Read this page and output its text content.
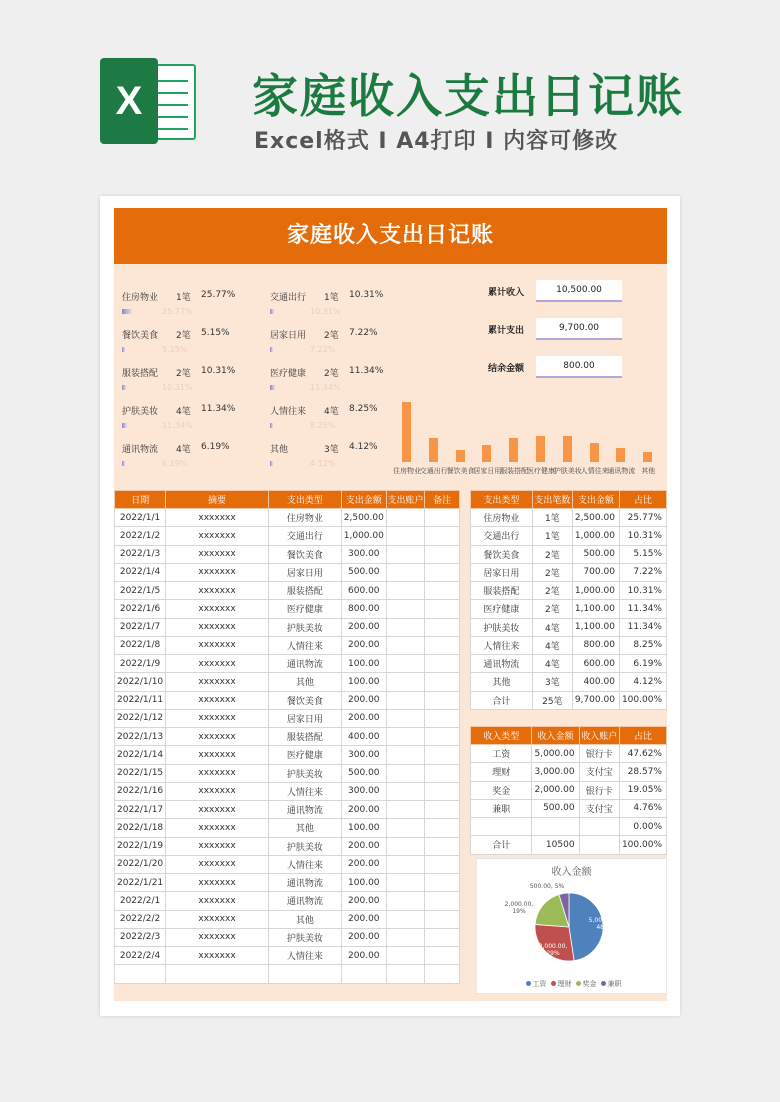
X	家庭收入支出日记账
Excel格式 I A4打印 I 内容可修改
家庭收入支出日记账
住房物业 1笔 25.77%
25.77%
交通出行 1笔 10.31%
10.31%
餐饮美食 2笔 5.15%
5.15%
居家日用 2笔 7.22%
7.22%
服装搭配 2笔 10.31%
10.31%
医疗健康 2笔 11.34%
11.34%
护肤美妆 4笔 11.34%
11.34%
人情往来 4笔 8.25%
8.25%
通讯物流 4笔 6.19%
6.19%
其他	3笔 4.12%
4.12%
累计收入	10,500.00
累计支出	9,700.00
结余金额	800.00
住房物业
交通出行
餐饮美食
居家日用
服装搭配
医疗健康
护肤美妆
人情往来
通讯物流 其他
日期	摘要	支出类型	支出金额	支出账户	备注
2022/1/1	xxxxxxx	住房物业	2,500.00		
2022/1/2	xxxxxxx	交通出行	1,000.00		
2022/1/3	xxxxxxx	餐饮美食	300.00		
2022/1/4	xxxxxxx	居家日用	500.00		
2022/1/5	xxxxxxx	服装搭配	600.00		
2022/1/6	xxxxxxx	医疗健康	800.00		
2022/1/7	xxxxxxx	护肤美妆	200.00		
2022/1/8	xxxxxxx	人情往来	200.00		
2022/1/9	xxxxxxx	通讯物流	100.00		
2022/1/10	xxxxxxx	其他	100.00		
2022/1/11	xxxxxxx	餐饮美食	200.00		
2022/1/12	xxxxxxx	居家日用	200.00		
2022/1/13	xxxxxxx	服装搭配	400.00		
2022/1/14	xxxxxxx	医疗健康	300.00		
2022/1/15	xxxxxxx	护肤美妆	500.00		
2022/1/16	xxxxxxx	人情往来	300.00		
2022/1/17	xxxxxxx	通讯物流	200.00		
2022/1/18	xxxxxxx	其他	100.00		
2022/1/19	xxxxxxx	护肤美妆	200.00		
2022/1/20	xxxxxxx	人情往来	200.00		
2022/1/21	xxxxxxx	通讯物流	100.00		
2022/2/1	xxxxxxx	通讯物流	200.00		
2022/2/2	xxxxxxx	其他	200.00		
2022/2/3	xxxxxxx	护肤美妆	200.00		
2022/2/4	xxxxxxx	人情往来	200.00		

支出类型	支出笔数	支出金额	占比
住房物业	1笔	2,500.00	25.77%
交通出行	1笔	1,000.00	10.31%
餐饮美食	2笔	500.00	5.15%
居家日用	2笔	700.00	7.22%
服装搭配	2笔	1,000.00	10.31%
医疗健康	2笔	1,100.00	11.34%
护肤美妆	4笔	1,100.00	11.34%
人情往来	4笔	800.00	8.25%
通讯物流	4笔	600.00	6.19%
其他	3笔	400.00	4.12%
合计	25笔	9,700.00	100.00%
收入类型	收入金额	收入账户	占比
工资	5,000.00	银行卡	47.62%
理财	3,000.00	支付宝	28.57%
奖金	2,000.00	银行卡	19.05%
兼职	500.00	支付宝	4.76%
			0.00%
合计	10500		100.00%
收入金额
工资 理财 奖金 兼职
5,000.00, 48%
3,000.00, 29%
2,000.00, 19%
500.00, 5%
